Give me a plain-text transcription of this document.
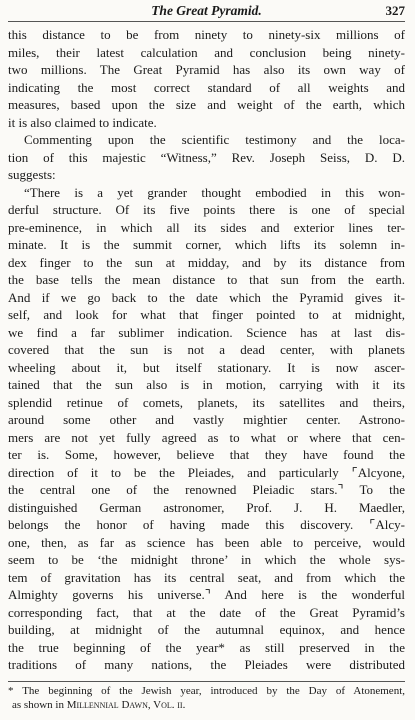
The Great Pyramid.	327
this distance to be from ninety to ninety-six millions of
miles, their latest calculation and conclusion being ninety-
two millions. The Great Pyramid has also its own way of
indicating the most correct standard of all weights and
measures, based upon the size and weight of the earth, which
it is also claimed to indicate.
Commenting upon the scientific testimony and the loca-
tion of this majestic “Witness,” Rev. Joseph Seiss, D. D.
suggests:
“There is a yet grander thought embodied in this won-
derful structure. Of its five points there is one of special
pre-eminence, in which all its sides and exterior lines ter-
minate. It is the summit corner, which lifts its solemn in-
dex finger to the sun at midday, and by its distance from
the base tells the mean distance to that sun from the earth.
And if we go back to the date which the Pyramid gives it-
self, and look for what that finger pointed to at midnight,
we find a far sublimer indication. Science has at last dis-
covered that the sun is not a dead center, with planets
wheeling about it, but itself stationary. It is now ascer-
tained that the sun also is in motion, carrying with it its
splendid retinue of comets, planets, its satellites and theirs,
around some other and vastly mightier center. Astrono-
mers are not yet fully agreed as to what or where that cen-
ter is. Some, however, believe that they have found the
direction of it to be the Pleiades, and particularly ⌜Alcyone,
the central one of the renowned Pleiadic stars.⌝ To the
distinguished German astronomer, Prof. J. H. Maedler,
belongs the honor of having made this discovery. ⌜Alcy-
one, then, as far as science has been able to perceive, would
seem to be ‘the midnight throne’ in which the whole sys-
tem of gravitation has its central seat, and from which the
Almighty governs his universe.⌝ And here is the wonderful
corresponding fact, that at the date of the Great Pyramid’s
building, at midnight of the autumnal equinox, and hence
the true beginning of the year* as still preserved in the
traditions of many nations, the Pleiades were distributed
* The beginning of the Jewish year, introduced by the Day of Atonement,
as shown in Millennial Dawn, Vol. ii.
